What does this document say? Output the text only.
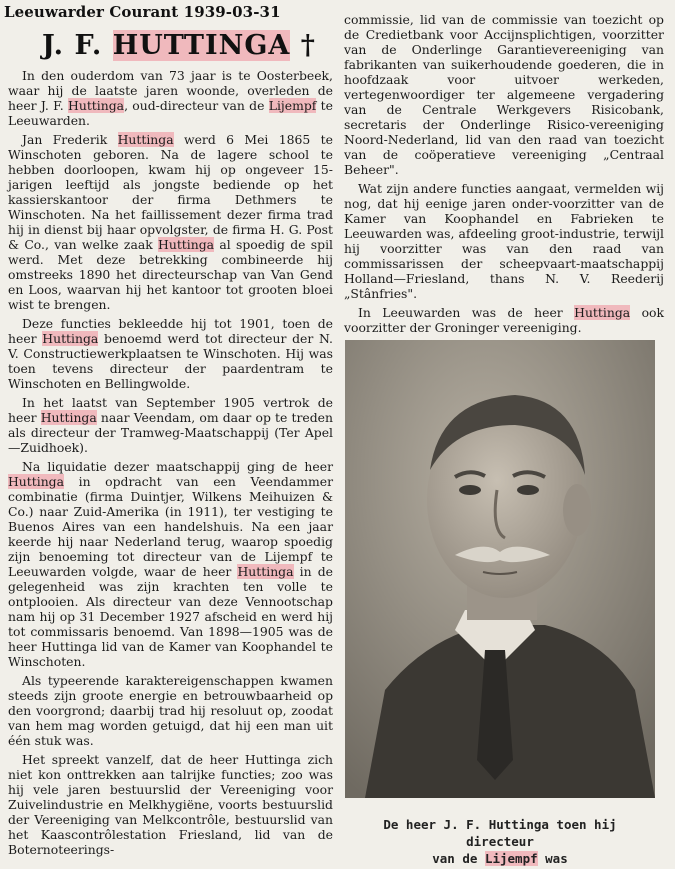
Leeuwarder Courant 1939-03-31
J. F. HUTTINGA †

In den ouderdom van 73 jaar is te Oosterbeek, waar hij de laatste jaren woonde, overleden de heer J. F. Huttinga, oud-directeur van de Lijempf te Leeuwarden.

Jan Frederik Huttinga werd 6 Mei 1865 te Winschoten geboren. Na de lagere school te hebben doorloopen, kwam hij op ongeveer 15-jarigen leeftijd als jongste bediende op het kassierskantoor der firma Dethmers te Winschoten. Na het faillissement dezer firma trad hij in dienst bij haar opvolgster, de firma H. G. Post & Co., van welke zaak Huttinga al spoedig de spil werd. Met deze betrekking combineerde hij omstreeks 1890 het directeurschap van Van Gend en Loos, waarvan hij het kantoor tot grooten bloei wist te brengen.

Deze functies bekleedde hij tot 1901, toen de heer Huttinga benoemd werd tot directeur der N. V. Constructiewerkplaatsen te Winschoten. Hij was toen tevens directeur der paardentram te Winschoten en Bellingwolde.

In het laatst van September 1905 vertrok de heer Huttinga naar Veendam, om daar op te treden als directeur der Tramweg-Maatschappij (Ter Apel—Zuidhoek).

Na liquidatie dezer maatschappij ging de heer Huttinga in opdracht van een Veendammer combinatie (firma Duintjer, Wilkens Meihuizen & Co.) naar Zuid-Amerika (in 1911), ter vestiging te Buenos Aires van een handelshuis. Na een jaar keerde hij naar Nederland terug, waarop spoedig zijn benoeming tot directeur van de Lijempf te Leeuwarden volgde, waar de heer Huttinga in de gelegenheid was zijn krachten ten volle te ontplooien. Als directeur van deze Vennootschap nam hij op 31 December 1927 afscheid en werd hij tot commissaris benoemd. Van 1898—1905 was de heer Huttinga lid van de Kamer van Koophandel te Winschoten.

Als typeerende karaktereigenschappen kwamen steeds zijn groote energie en betrouwbaarheid op den voorgrond; daarbij trad hij resoluut op, zoodat van hem mag worden getuigd, dat hij een man uit één stuk was.

Het spreekt vanzelf, dat de heer Huttinga zich niet kon onttrekken aan talrijke functies; zoo was hij vele jaren bestuurslid der Vereeniging voor Zuivelindustrie en Melkhygiëne, voorts bestuurslid der Vereeniging van Melkcontrôle, bestuurslid van het Kaascontrôlestation Friesland, lid van de Boternoteerings-

commissie, lid van de commissie van toezicht op de Credietbank voor Accijnsplichtigen, voorzitter van de Onderlinge Garantievereeniging van fabrikanten van suikerhoudende goederen, die in hoofdzaak voor uitvoer werkeden, vertegenwoordiger ter algemeene vergadering van de Centrale Werkgevers Risicobank, secretaris der Onderlinge Risico-vereeniging Noord-Nederland, lid van den raad van toezicht van de coöperatieve vereeniging „Centraal Beheer".

Wat zijn andere functies aangaat, vermelden wij nog, dat hij eenige jaren onder-voorzitter van de Kamer van Koophandel en Fabrieken te Leeuwarden was, afdeeling groot-industrie, terwijl hij voorzitter was van den raad van commissarissen der scheepvaart-maatschappij Holland—Friesland, thans N. V. Reederij „Stânfries".

In Leeuwarden was de heer Huttinga ook voorzitter der Groninger vereeniging.

De heer J. F. Huttinga toen hij directeur
van de Lijempf was
